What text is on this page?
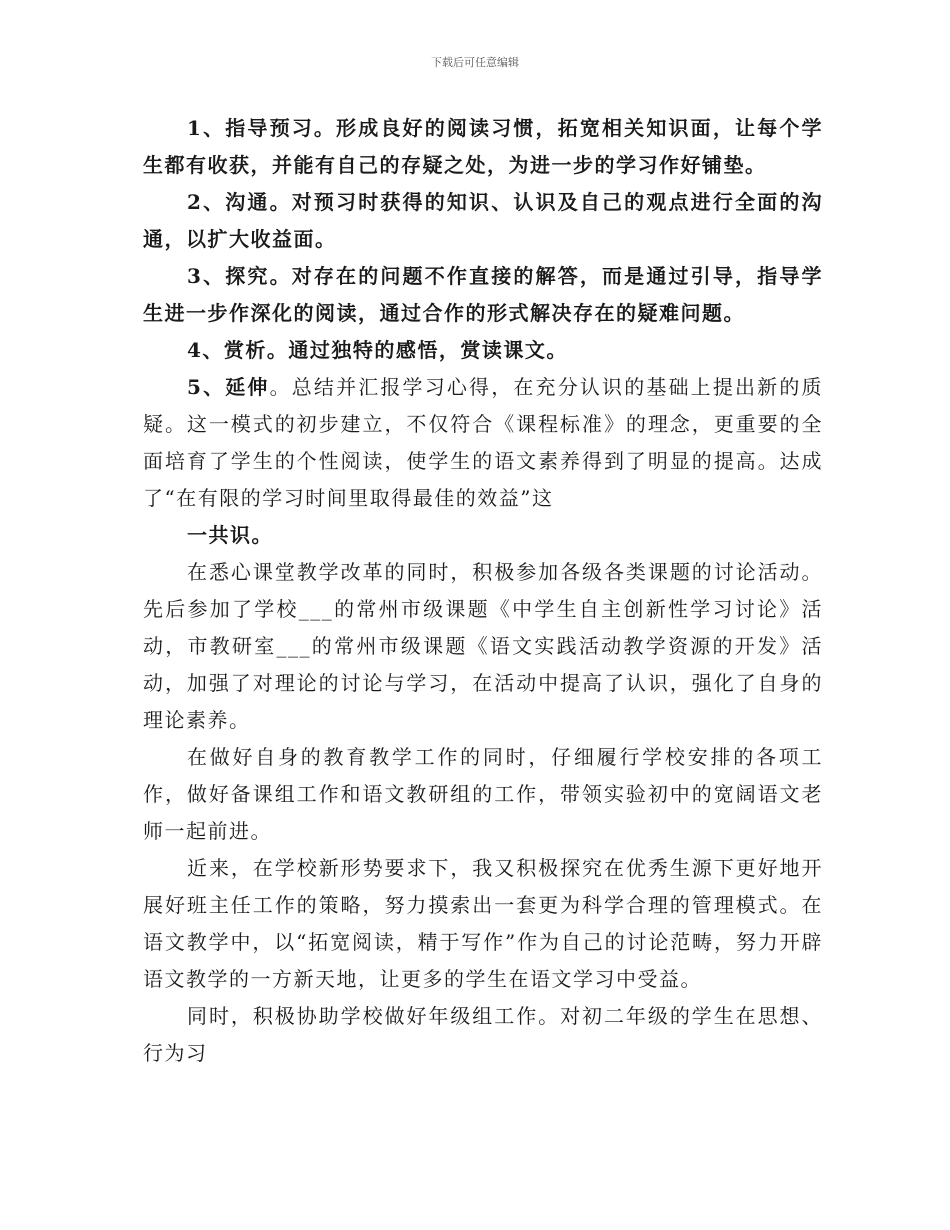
下载后可任意编辑

1、指导预习。形成良好的阅读习惯，拓宽相关知识面，让每个学生都有收获，并能有自己的存疑之处，为进一步的学习作好铺垫。

2、沟通。对预习时获得的知识、认识及自己的观点进行全面的沟通，以扩大收益面。

3、探究。对存在的问题不作直接的解答，而是通过引导，指导学生进一步作深化的阅读，通过合作的形式解决存在的疑难问题。

4、赏析。通过独特的感悟，赏读课文。

5、延伸。总结并汇报学习心得，在充分认识的基础上提出新的质疑。这一模式的初步建立，不仅符合《课程标准》的理念，更重要的全面培育了学生的个性阅读，使学生的语文素养得到了明显的提高。达成了“在有限的学习时间里取得最佳的效益”这

一共识。

在悉心课堂教学改革的同时，积极参加各级各类课题的讨论活动。先后参加了学校___的常州市级课题《中学生自主创新性学习讨论》活动，市教研室___的常州市级课题《语文实践活动教学资源的开发》活动，加强了对理论的讨论与学习，在活动中提高了认识，强化了自身的理论素养。

在做好自身的教育教学工作的同时，仔细履行学校安排的各项工作，做好备课组工作和语文教研组的工作，带领实验初中的宽阔语文老师一起前进。

近来，在学校新形势要求下，我又积极探究在优秀生源下更好地开展好班主任工作的策略，努力摸索出一套更为科学合理的管理模式。在语文教学中，以“拓宽阅读，精于写作”作为自己的讨论范畴，努力开辟语文教学的一方新天地，让更多的学生在语文学习中受益。

同时，积极协助学校做好年级组工作。对初二年级的学生在思想、行为习
